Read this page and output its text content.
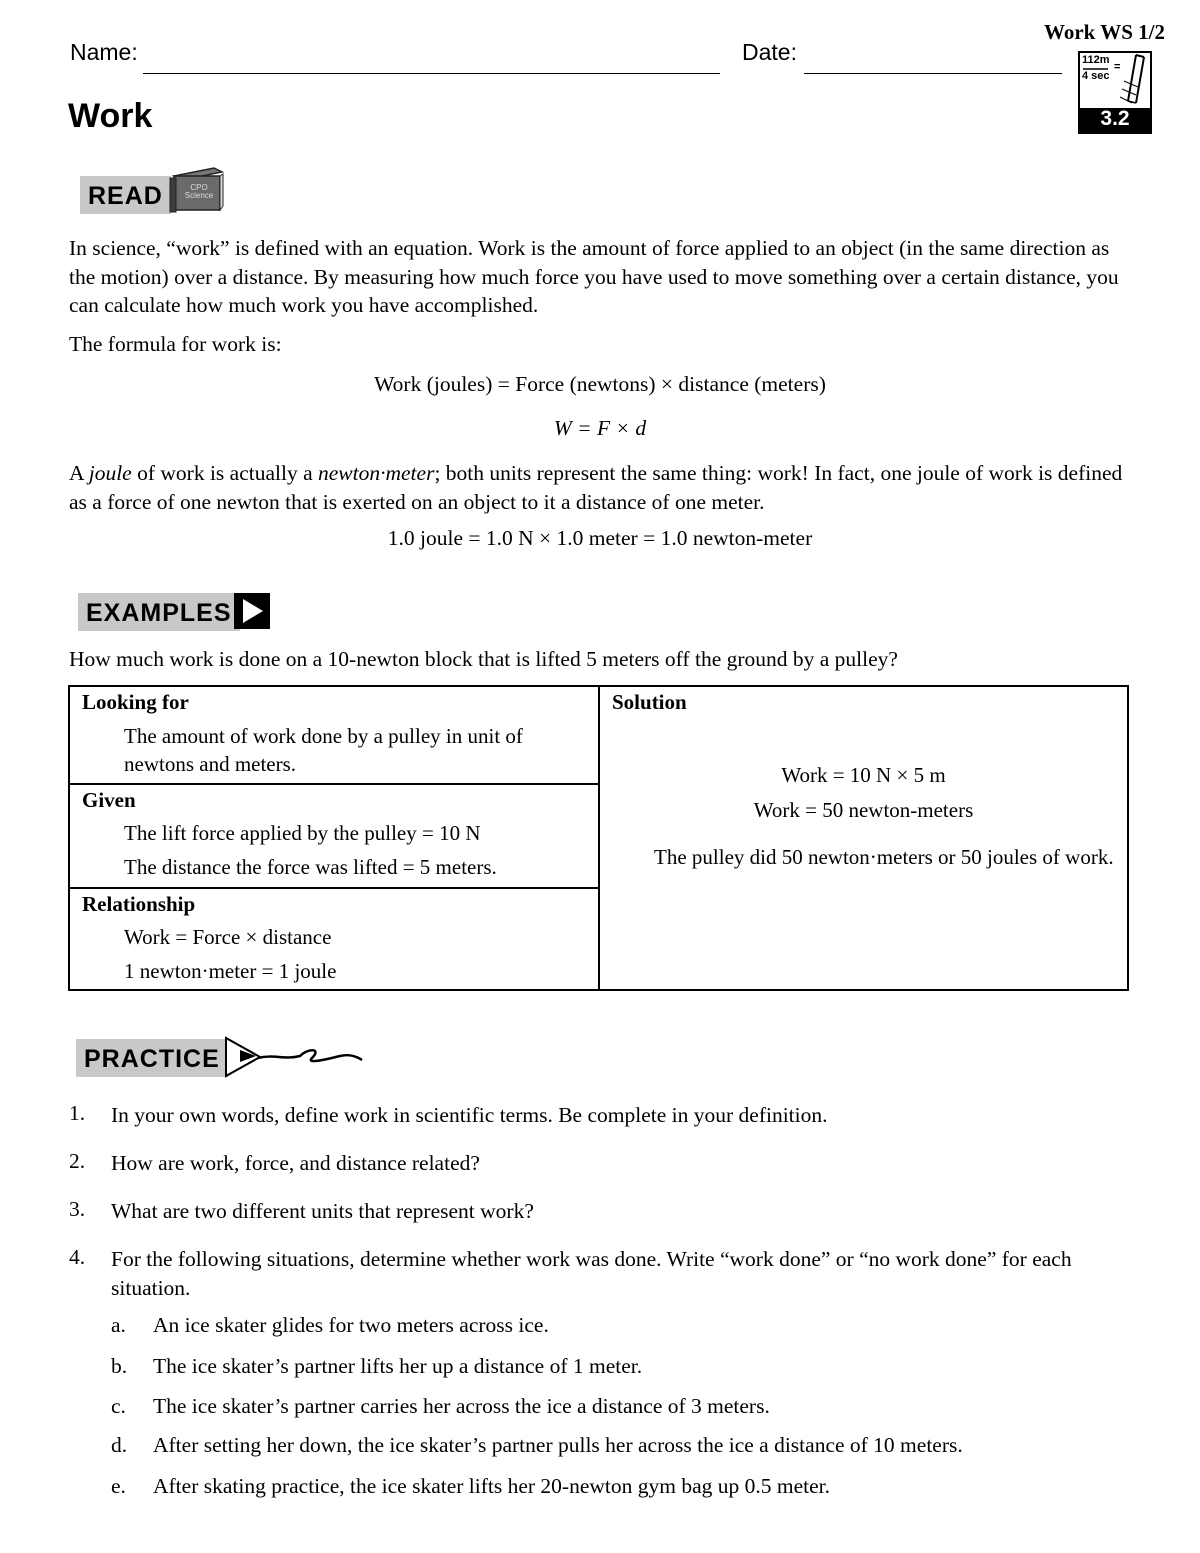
Work WS 1/2
Name:	Date:
Work
112m
=
4 sec
3.2
READ	CPO Science
In science, “work” is defined with an equation. Work is the amount of force applied to an object (in the same direction as the motion) over a distance. By measuring how much force you have used to move something over a certain distance, you can calculate how much work you have accomplished.
The formula for work is:
Work (joules) = Force (newtons) × distance (meters)
W = F × d
A joule of work is actually a newton·meter; both units represent the same thing: work! In fact, one joule of work is defined as a force of one newton that is exerted on an object to it a distance of one meter.
1.0 joule = 1.0 N × 1.0 meter = 1.0 newton-meter
EXAMPLES
How much work is done on a 10-newton block that is lifted 5 meters off the ground by a pulley?
Looking for
The amount of work done by a pulley in unit of newtons and meters.
Given
The lift force applied by the pulley = 10 N
The distance the force was lifted = 5 meters.
Relationship
Work = Force × distance
1 newton·meter = 1 joule
Solution
Work = 10 N × 5 m
Work = 50 newton-meters
The pulley did 50 newton·meters or 50 joules of work.
PRACTICE
1. In your own words, define work in scientific terms. Be complete in your definition.
2. How are work, force, and distance related?
3. What are two different units that represent work?
4. For the following situations, determine whether work was done. Write “work done” or “no work done” for each situation.
a. An ice skater glides for two meters across ice.
b. The ice skater’s partner lifts her up a distance of 1 meter.
c. The ice skater’s partner carries her across the ice a distance of 3 meters.
d. After setting her down, the ice skater’s partner pulls her across the ice a distance of 10 meters.
e. After skating practice, the ice skater lifts her 20-newton gym bag up 0.5 meter.
